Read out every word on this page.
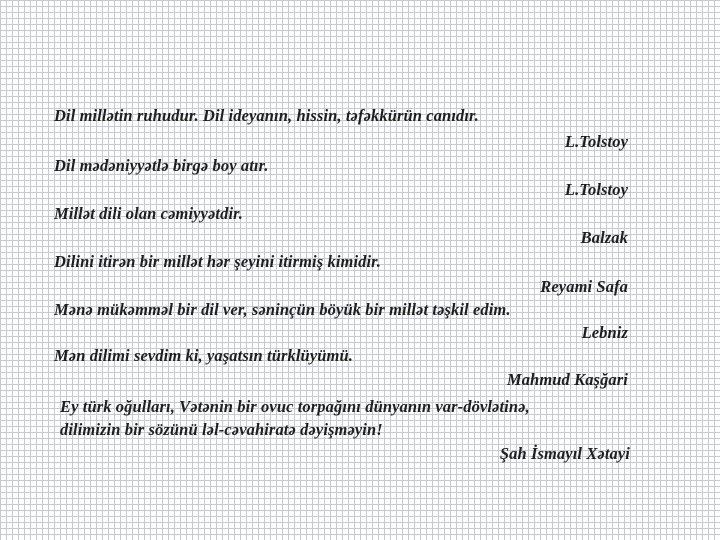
Dil millətin ruhudur. Dil ideyanın, hissin, təfəkkürün canıdır.

L.Tolstoy

Dil mədəniyyətlə birgə boy atır.

L.Tolstoy

Millət dili olan cəmiyyətdir.

Balzak

Dilini itirən bir millət hər şeyini itirmiş kimidir.

Reyami Safa

Mənə mükəmməl bir dil ver, səninçün böyük bir millət təşkil edim.

Lebniz

Mən dilimi sevdim ki, yaşatsın türklüyümü.

Mahmud Kaşğari

Ey türk oğulları, Vətənin bir ovuc torpağını dünyanın var-dövlətinə,

dilimizin bir sözünü ləl-cəvahiratə dəyişməyin!

Şah İsmayıl Xətayi
